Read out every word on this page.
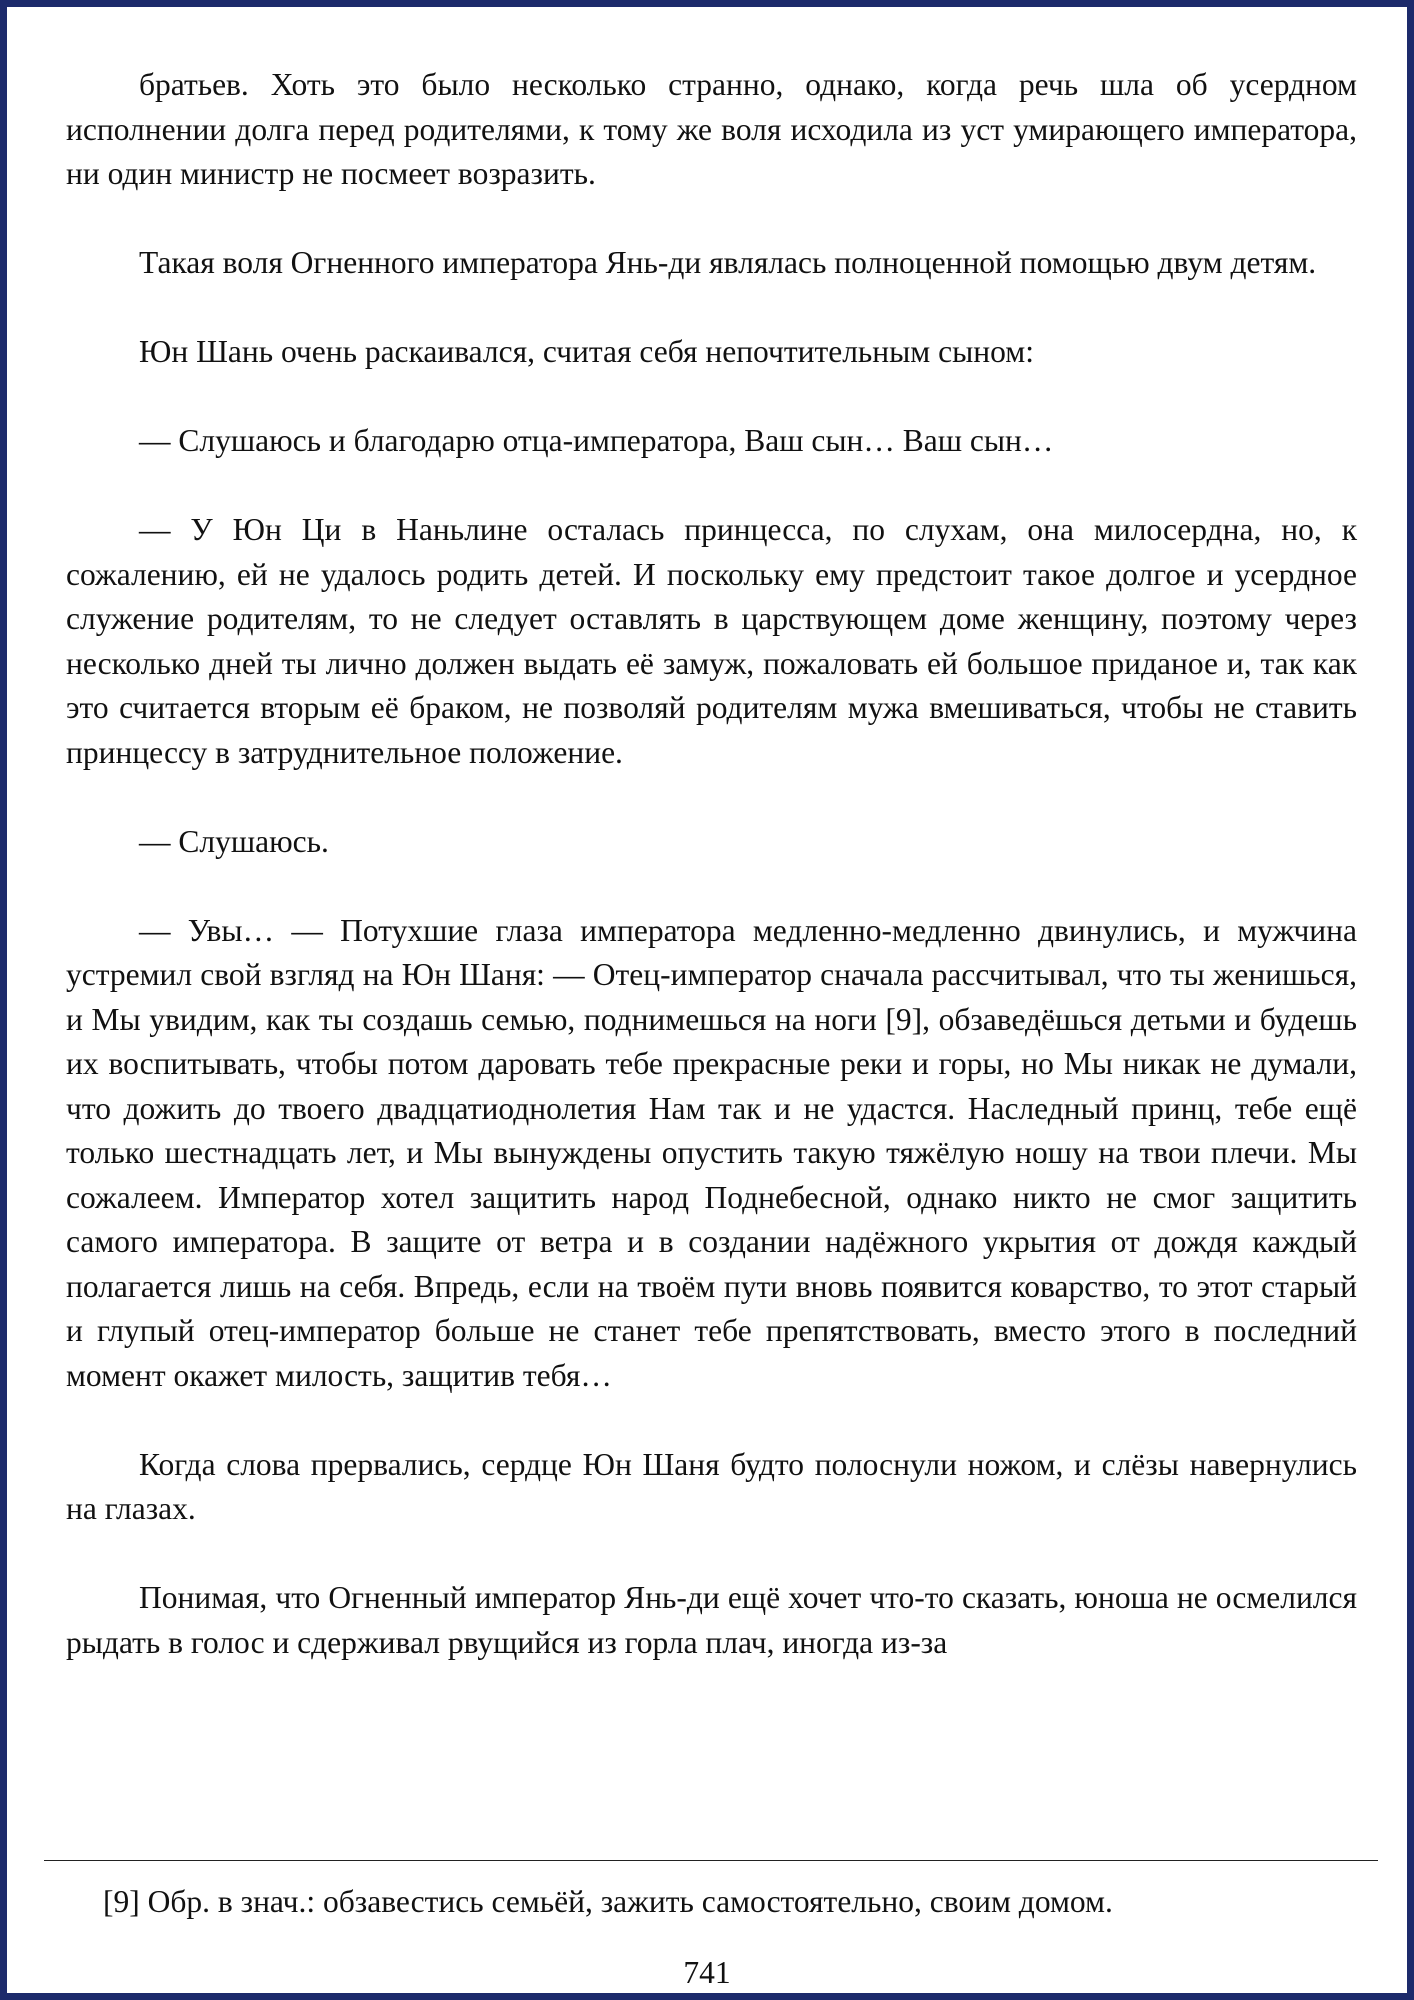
братьев. Хоть это было несколько странно, однако, когда речь шла об усердном исполнении долга перед родителями, к тому же воля исходила из уст умирающего императора, ни один министр не посмеет возразить.

Такая воля Огненного императора Янь-ди являлась полноценной помощью двум детям.

Юн Шань очень раскаивался, считая себя непочтительным сыном:

— Слушаюсь и благодарю отца-императора, Ваш сын… Ваш сын…

— У Юн Ци в Наньлине осталась принцесса, по слухам, она милосердна, но, к сожалению, ей не удалось родить детей. И поскольку ему предстоит такое долгое и усердное служение родителям, то не следует оставлять в царствующем доме женщину, поэтому через несколько дней ты лично должен выдать её замуж, пожаловать ей большое приданое и, так как это считается вторым её браком, не позволяй родителям мужа вмешиваться, чтобы не ставить принцессу в затруднительное положение.

— Слушаюсь.

— Увы… — Потухшие глаза императора медленно-медленно двинулись, и мужчина устремил свой взгляд на Юн Шаня: — Отец-император сначала рассчитывал, что ты женишься, и Мы увидим, как ты создашь семью, поднимешься на ноги [9], обзаведёшься детьми и будешь их воспитывать, чтобы потом даровать тебе прекрасные реки и горы, но Мы никак не думали, что дожить до твоего двадцатиоднолетия Нам так и не удастся. Наследный принц, тебе ещё только шестнадцать лет, и Мы вынуждены опустить такую тяжёлую ношу на твои плечи. Мы сожалеем. Император хотел защитить народ Поднебесной, однако никто не смог защитить самого императора. В защите от ветра и в создании надёжного укрытия от дождя каждый полагается лишь на себя. Впредь, если на твоём пути вновь появится коварство, то этот старый и глупый отец-император больше не станет тебе препятствовать, вместо этого в последний момент окажет милость, защитив тебя…

Когда слова прервались, сердце Юн Шаня будто полоснули ножом, и слёзы навернулись на глазах.

Понимая, что Огненный император Янь-ди ещё хочет что-то сказать, юноша не осмелился рыдать в голос и сдерживал рвущийся из горла плач, иногда из-за

[9] Обр. в знач.: обзавестись семьёй, зажить самостоятельно, своим домом.

741
